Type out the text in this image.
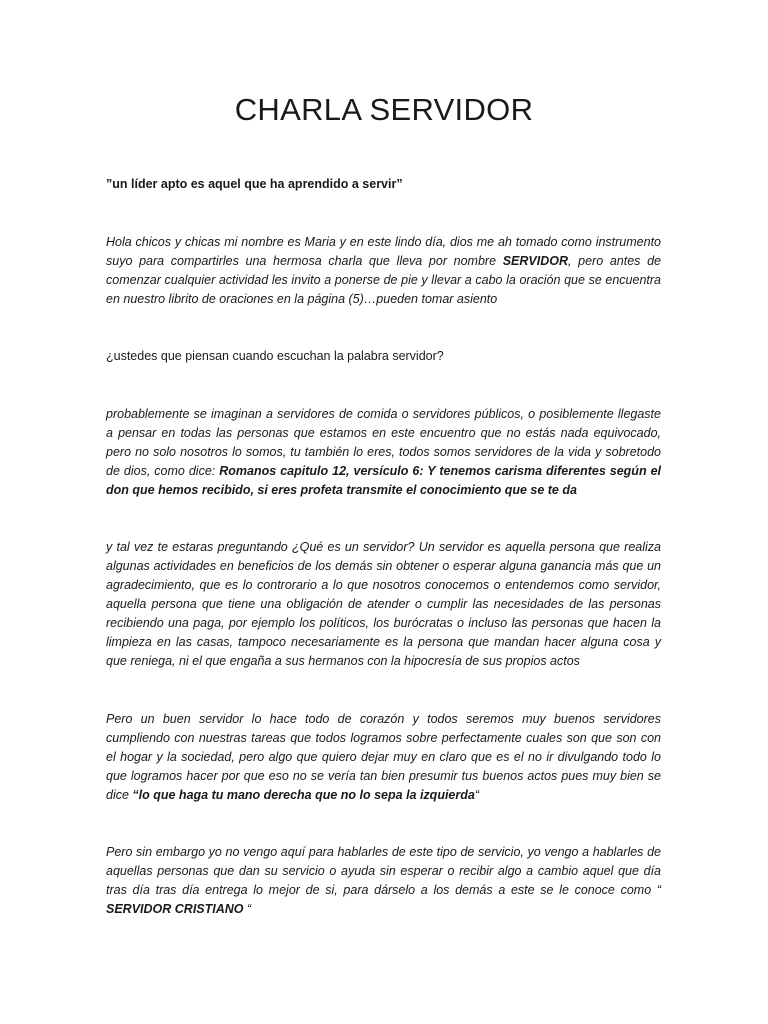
CHARLA SERVIDOR

”un líder apto es aquel que ha aprendido a servir”

Hola chicos y chicas mi nombre es Maria y en este lindo día, dios me ah tomado como instrumento suyo para compartirles una hermosa charla que lleva por nombre SERVIDOR, pero antes de comenzar cualquier actividad les invito a ponerse de pie y llevar a cabo la oración que se encuentra en nuestro librito de oraciones en la página (5)…pueden tomar asiento

¿ustedes que piensan cuando escuchan la palabra servidor?

probablemente se imaginan a servidores de comida o servidores públicos, o posiblemente llegaste a pensar en todas las personas que estamos en este encuentro que no estás nada equivocado, pero no solo nosotros lo somos, tu también lo eres, todos somos servidores de la vida y sobretodo de dios, como dice: Romanos capitulo 12, versículo 6: Y tenemos carisma diferentes según el don que hemos recibido, si eres profeta transmite el conocimiento que se te da

y tal vez te estaras preguntando ¿Qué es un servidor? Un servidor es aquella persona que realiza algunas actividades en beneficios de los demás sin obtener o esperar alguna ganancia más que un agradecimiento, que es lo controrario a lo que nosotros conocemos o entendemos como servidor, aquella persona que tiene una obligación de atender o cumplir las necesidades de las personas recibiendo una paga, por ejemplo los políticos, los burócratas o incluso las personas que hacen la limpieza en las casas, tampoco necesariamente es la persona que mandan hacer alguna cosa y que reniega, ni el que engaña a sus hermanos con la hipocresía de sus propios actos

Pero un buen servidor lo hace todo de corazón y todos seremos muy buenos servidores cumpliendo con nuestras tareas que todos logramos sobre perfectamente cuales son que son con el hogar y la sociedad, pero algo que quiero dejar muy en claro que es el no ir divulgando todo lo que logramos hacer por que eso no se vería tan bien presumir tus buenos actos pues muy bien se dice “lo que haga tu mano derecha que no lo sepa la izquierda“

Pero sin embargo yo no vengo aquí para hablarles de este tipo de servicio, yo vengo a hablarles de aquellas personas que dan su servicio o ayuda sin esperar o recibir algo a cambio aquel que día tras día tras día entrega lo mejor de si, para dárselo a los demás a este se le conoce como “ SERVIDOR CRISTIANO “
